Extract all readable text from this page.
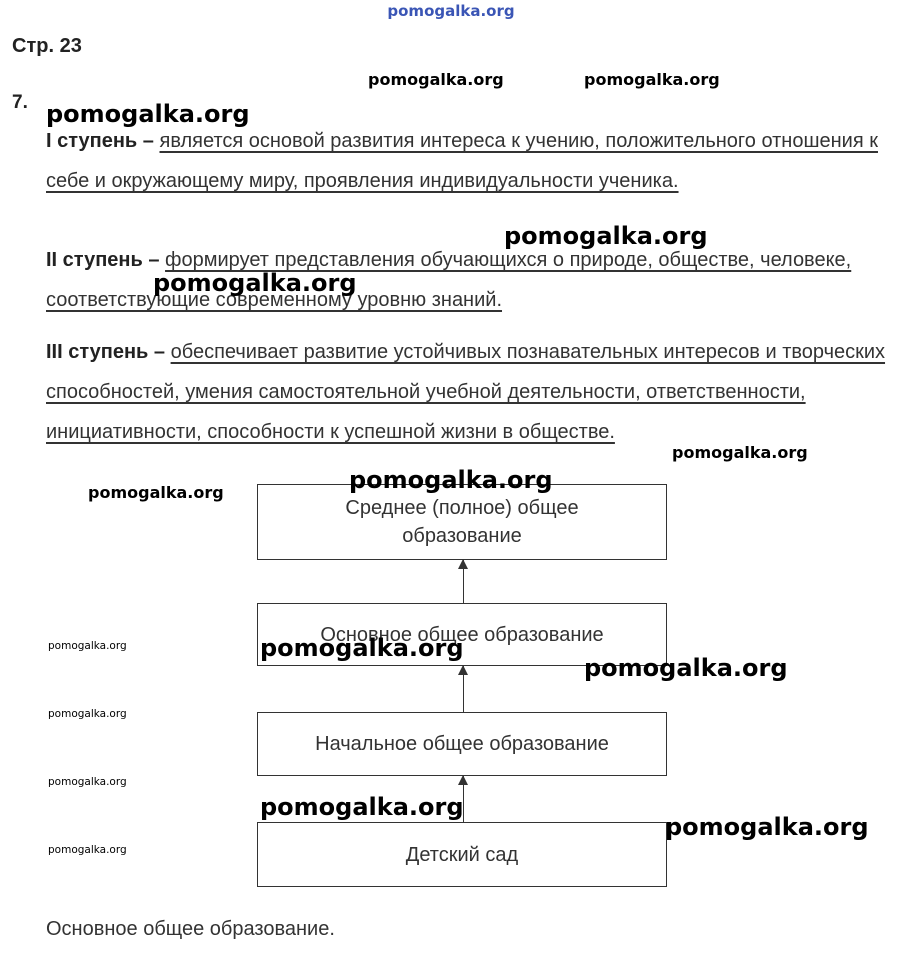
pomogalka.org
pomogalka.org	pomogalka.org
pomogalka.org
Стр. 23
7.
I ступень – является основой развития интереса к учению, положительного отношения к себе и окружающему миру, проявления индивидуальности ученика.
II ступень – формирует представления обучающихся о природе, обществе, человеке, соответствующие современному уровню знаний.
III ступень – обеспечивает развитие устойчивых познавательных интересов и творческих способностей, умения самостоятельной учебной деятельности, ответственности, инициативности, способности к успешной жизни в обществе.
pomogalka.org
pomogalka.org
pomogalka.org
Среднее (полное) общее образование
Основное общее образование
Начальное общее образование
Детский сад
pomogalka.org
pomogalka.org
pomogalka.org	pomogalka.org
pomogalka.org
pomogalka.org
pomogalka.org
pomogalka.org
pomogalka.org
pomogalka.org
Основное общее образование.
